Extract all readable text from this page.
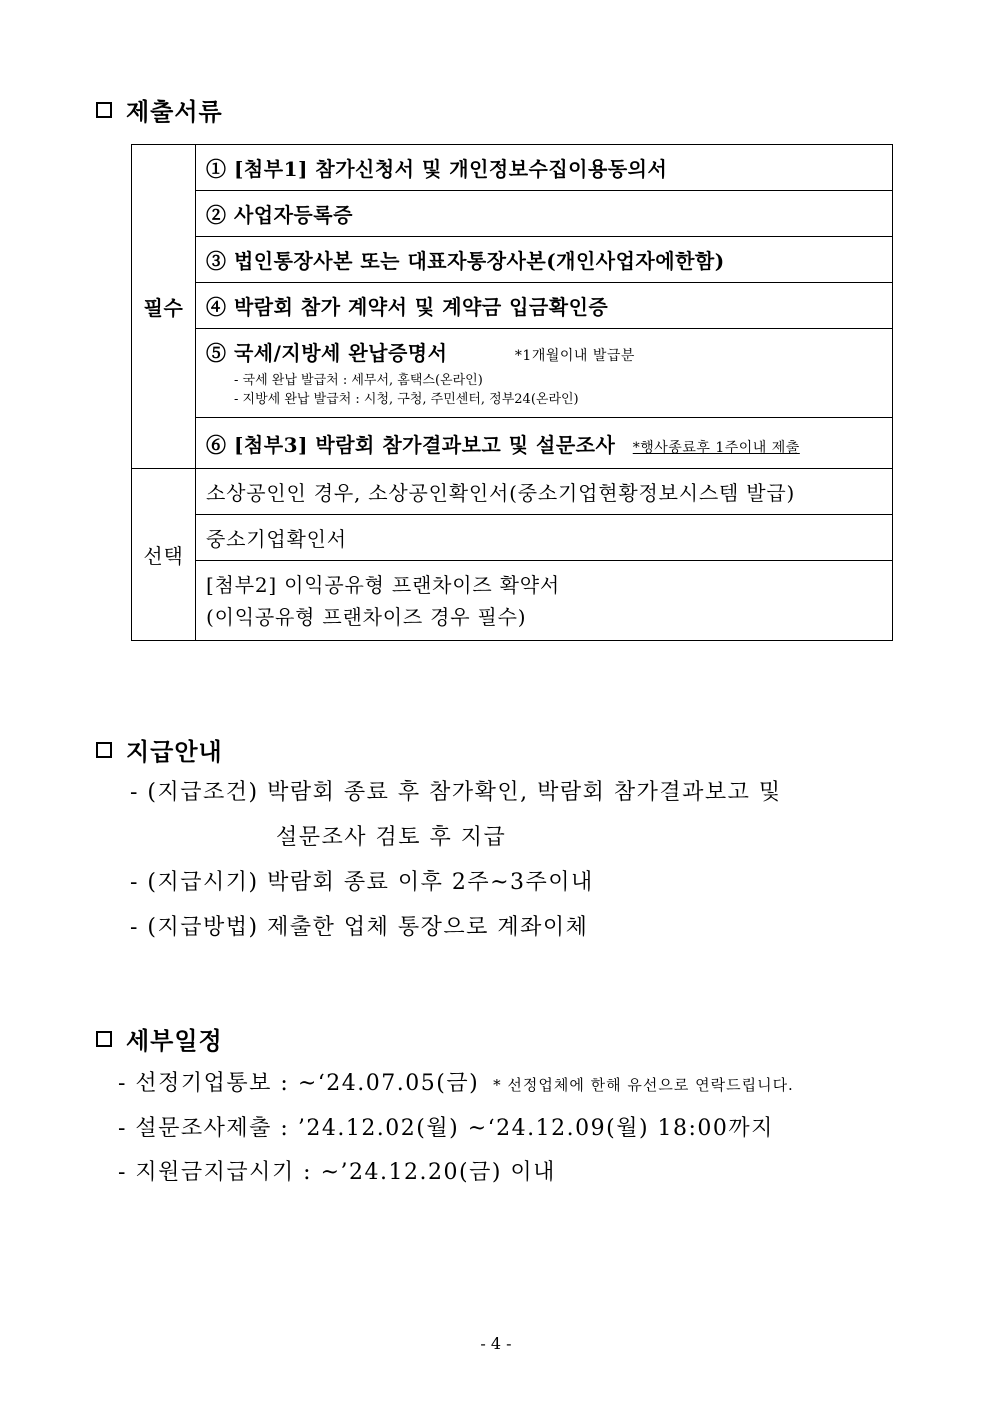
제출서류
필수	① [첨부1] 참가신청서 및 개인정보수집이용동의서
	② 사업자등록증
	③ 법인통장사본 또는 대표자통장사본(개인사업자에한함)
	④ 박람회 참가 계약서 및 계약금 입금확인증

	⑤ 국세/지방세 완납증명서 *1개월이내 발급분
- 국세 완납 발급처 : 세무서, 홈택스(온라인)
- 지방세 완납 발급처 : 시청, 구청, 주민센터, 정부24(온라인)

	⑥ [첨부3] 박람회 참가결과보고 및 설문조사 *행사종료후 1주이내 제출
선택	소상공인인 경우, 소상공인확인서(중소기업현황정보시스템 발급)
	중소기업확인서

	[첨부2] 이익공유형 프랜차이즈 확약서
(이익공유형 프랜차이즈 경우 필수)
지급안내
- (지급조건) 박람회 종료 후 참가확인, 박람회 참가결과보고 및
설문조사 검토 후 지급
- (지급시기) 박람회 종료 이후 2주~3주이내
- (지급방법) 제출한 업체 통장으로 계좌이체
세부일정
- 선정기업통보 : ~‘24.07.05(금) * 선정업체에 한해 유선으로 연락드립니다.
- 설문조사제출 : ’24.12.02(월) ~‘24.12.09(월) 18:00까지
- 지원금지급시기 : ~’24.12.20(금) 이내
- 4 -
